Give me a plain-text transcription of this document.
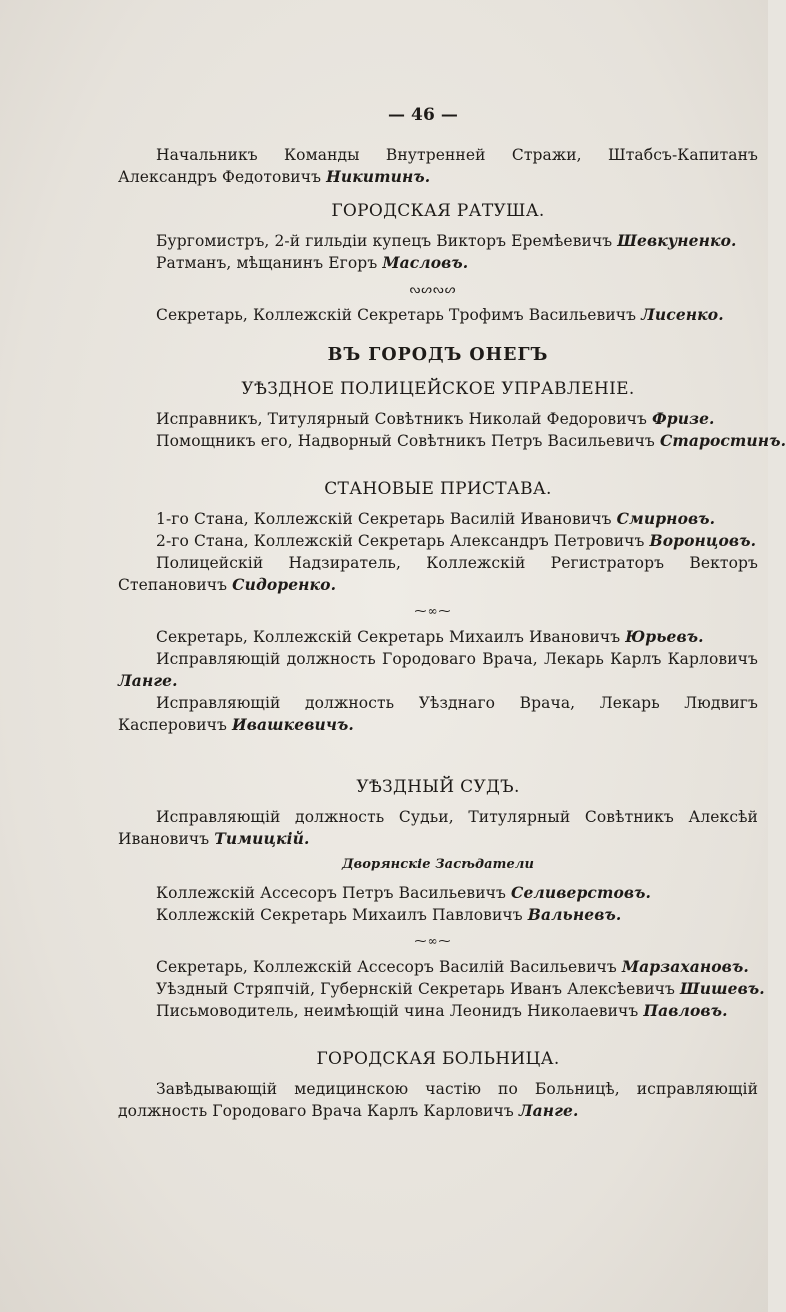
— 46 —

Начальникъ Команды Внутренней Стражи, Штабсъ-Капитанъ Александръ Федотовичъ Никитинъ.

ГОРОДСКАЯ РАТУША.
Бургомистръ, 2-й гильдіи купецъ Викторъ Еремѣевичъ Шевкуненко.
Ратманъ, мѣщанинъ Егоръ Масловъ.
ᔓᔕᔓᔕ
Секретарь, Коллежскій Секретарь Трофимъ Васильевичъ Лисенко.
ВЪ ГОРОДЪ ОНЕГЪ
УѢЗДНОЕ ПОЛИЦЕЙСКОЕ УПРАВЛЕНІЕ.
Исправникъ, Титулярный Совѣтникъ Николай Федоровичъ Фризе.
Помощникъ его, Надворный Совѣтникъ Петръ Васильевичъ Старостинъ.
СТАНОВЫЕ ПРИСТАВА.
1-го Стана, Коллежскій Секретарь Василій Ивановичъ Смирновъ.
2-го Стана, Коллежскій Секретарь Александръ Петровичъ Воронцовъ.

Полицейскій Надзиратель, Коллежскій Регистраторъ Векторъ Степановичъ Сидоренко.

⁓∞⁓
Секретарь, Коллежскій Секретарь Михаилъ Ивановичъ Юрьевъ.

Исправляющій должность Городоваго Врача, Лекарь Карлъ Карловичъ Ланге.

Исправляющій должность Уѣзднаго Врача, Лекарь Людвигъ Касперовичъ Ивашкевичъ.

УѢЗДНЫЙ СУДЪ.

Исправляющій должность Судьи, Титулярный Совѣтникъ Алексѣй Ивановичъ Тимицкій.

Дворянскіе Засѣдатели
Коллежскій Ассесоръ Петръ Васильевичъ Селиверстовъ.
Коллежскій Секретарь Михаилъ Павловичъ Вальневъ.
⁓∞⁓
Секретарь, Коллежскій Ассесоръ Василій Васильевичъ Марзахановъ.
Уѣздный Стряпчій, Губернскій Секретарь Иванъ Алексѣевичъ Шишевъ.
Письмоводитель, неимѣющій чина Леонидъ Николаевичъ Павловъ.
ГОРОДСКАЯ БОЛЬНИЦА.

Завѣдывающій медицинскою частію по Больницѣ, исправляющій должность Городоваго Врача Карлъ Карловичъ Ланге.
